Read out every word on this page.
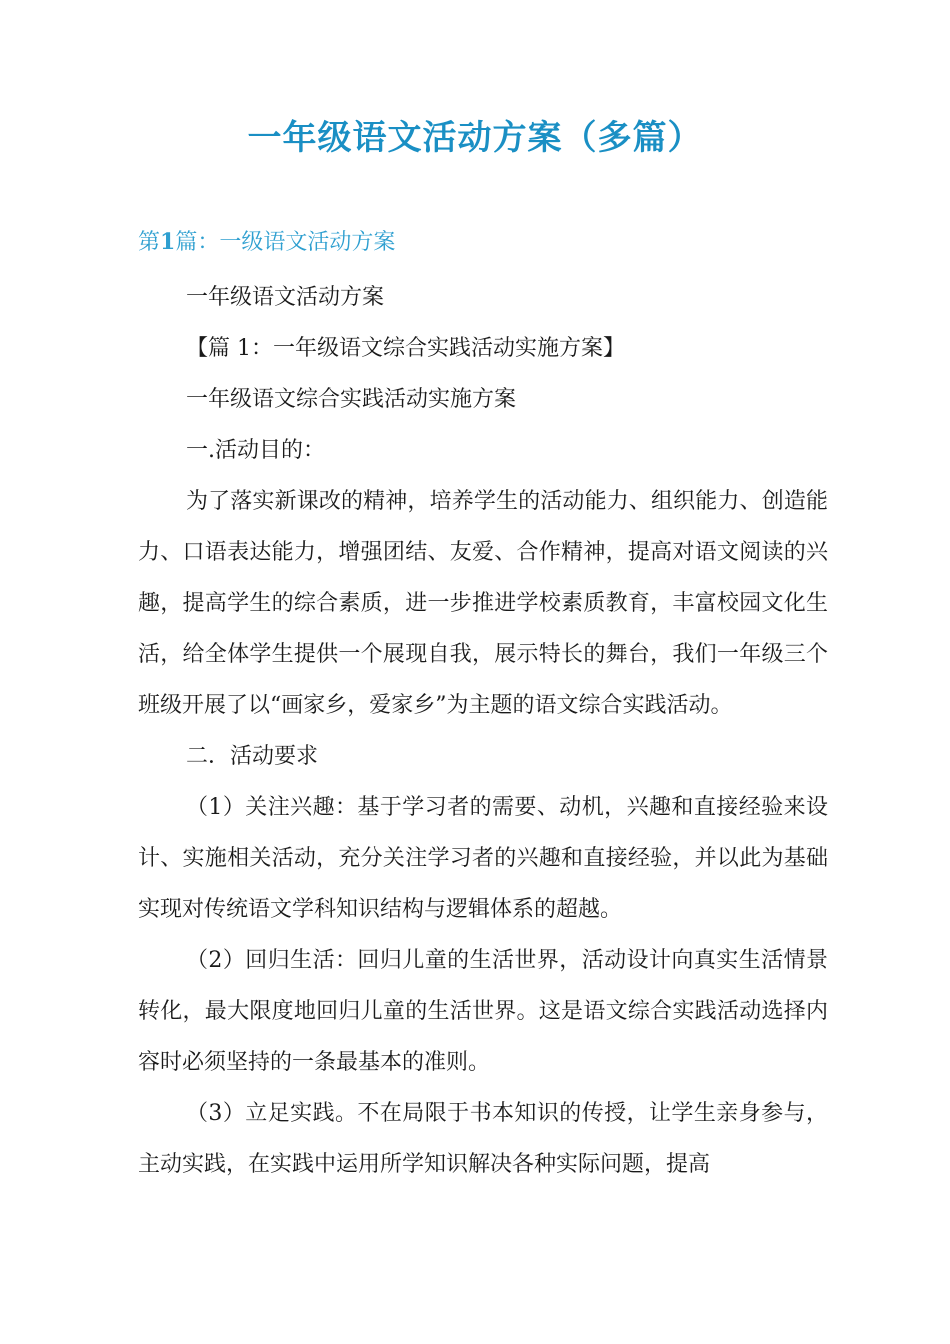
一年级语文活动方案（多篇）
第1篇：一级语文活动方案

一年级语文活动方案

【篇 1：一年级语文综合实践活动实施方案】

一年级语文综合实践活动实施方案

一.活动目的：

为了落实新课改的精神，培养学生的活动能力、组织能力、创造能力、口语表达能力，增强团结、友爱、合作精神，提高对语文阅读的兴趣，提高学生的综合素质，进一步推进学校素质教育，丰富校园文化生活，给全体学生提供一个展现自我，展示特长的舞台，我们一年级三个班级开展了以“画家乡，爱家乡”为主题的语文综合实践活动。

二．活动要求

（1）关注兴趣：基于学习者的需要、动机，兴趣和直接经验来设计、实施相关活动，充分关注学习者的兴趣和直接经验，并以此为基础实现对传统语文学科知识结构与逻辑体系的超越。

（2）回归生活：回归儿童的生活世界，活动设计向真实生活情景转化，最大限度地回归儿童的生活世界。这是语文综合实践活动选择内容时必须坚持的一条最基本的准则。

（3）立足实践。不在局限于书本知识的传授，让学生亲身参与，主动实践，在实践中运用所学知识解决各种实际问题，提高
